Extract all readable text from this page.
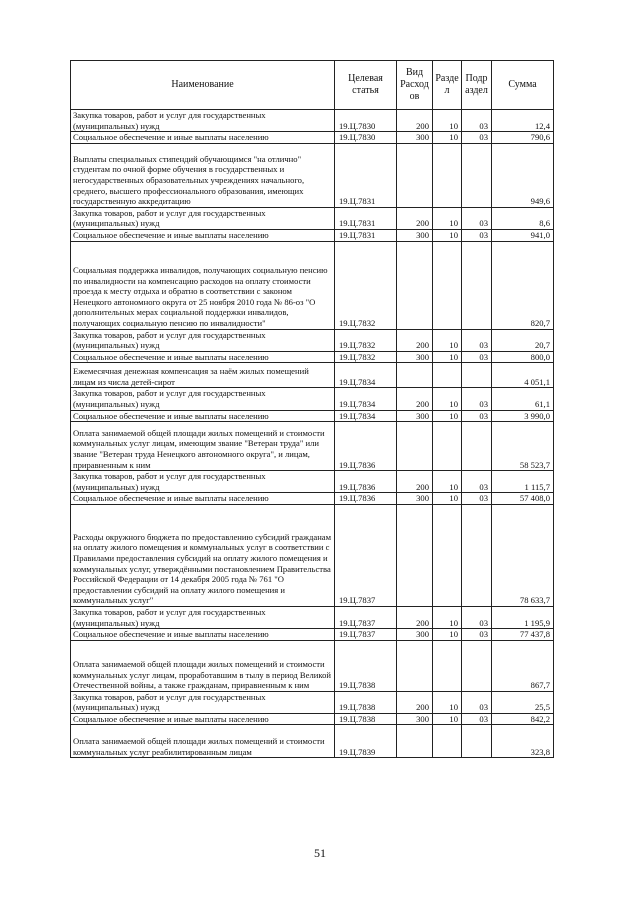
Наименование	Целевая статья	Вид Расход ов	Разде л	Подр аздел	Сумма
Закупка товаров, работ и услуг для государственных (муниципальных) нужд	19.Ц.7830	200	10	03	12,4
Социальное обеспечение и иные выплаты населению	19.Ц.7830	300	10	03	790,6
Выплаты специальных стипендий обучающимся "на отлично" студентам по очной форме обучения в государственных и негосударственных образовательных учреждениях начального, среднего, высшего профессионального образования, имеющих государственную аккредитацию	19.Ц.7831				949,6
Закупка товаров, работ и услуг для государственных (муниципальных) нужд	19.Ц.7831	200	10	03	8,6
Социальное обеспечение и иные выплаты населению	19.Ц.7831	300	10	03	941,0
Социальная поддержка инвалидов, получающих социальную пенсию по инвалидности на компенсацию расходов на оплату стоимости проезда к месту отдыха и обратно в соответствии с законом Ненецкого автономного округа от 25 ноября 2010 года № 86-оз "О дополнительных мерах социальной поддержки инвалидов, получающих социальную пенсию по инвалидности"	19.Ц.7832				820,7
Закупка товаров, работ и услуг для государственных (муниципальных) нужд	19.Ц.7832	200	10	03	20,7
Социальное обеспечение и иные выплаты населению	19.Ц.7832	300	10	03	800,0
Ежемесячная денежная компенсация за наём жилых помещений лицам из числа детей-сирот	19.Ц.7834				4 051,1
Закупка товаров, работ и услуг для государственных (муниципальных) нужд	19.Ц.7834	200	10	03	61,1
Социальное обеспечение и иные выплаты населению	19.Ц.7834	300	10	03	3 990,0
Оплата занимаемой общей площади жилых помещений и стоимости коммунальных услуг лицам, имеющим звание "Ветеран труда" или звание "Ветеран труда Ненецкого автономного округа", и лицам, приравненным к ним	19.Ц.7836				58 523,7
Закупка товаров, работ и услуг для государственных (муниципальных) нужд	19.Ц.7836	200	10	03	1 115,7
Социальное обеспечение и иные выплаты населению	19.Ц.7836	300	10	03	57 408,0
Расходы окружного бюджета по предоставлению субсидий гражданам на оплату жилого помещения и коммунальных услуг в соответствии с Правилами предоставления субсидий на оплату жилого помещения и коммунальных услуг, утверждёнными постановлением Правительства Российской Федерации от 14 декабря 2005 года № 761 "О предоставлении субсидий на оплату жилого помещения и коммунальных услуг"	19.Ц.7837				78 633,7
Закупка товаров, работ и услуг для государственных (муниципальных) нужд	19.Ц.7837	200	10	03	1 195,9
Социальное обеспечение и иные выплаты населению	19.Ц.7837	300	10	03	77 437,8
Оплата занимаемой общей площади жилых помещений и стоимости коммунальных услуг лицам, проработавшим в тылу в период Великой Отечественной войны, а также гражданам, приравненным к ним	19.Ц.7838				867,7
Закупка товаров, работ и услуг для государственных (муниципальных) нужд	19.Ц.7838	200	10	03	25,5
Социальное обеспечение и иные выплаты населению	19.Ц.7838	300	10	03	842,2
Оплата занимаемой общей площади жилых помещений и стоимости коммунальных услуг реабилитированным лицам	19.Ц.7839				323,8
51
